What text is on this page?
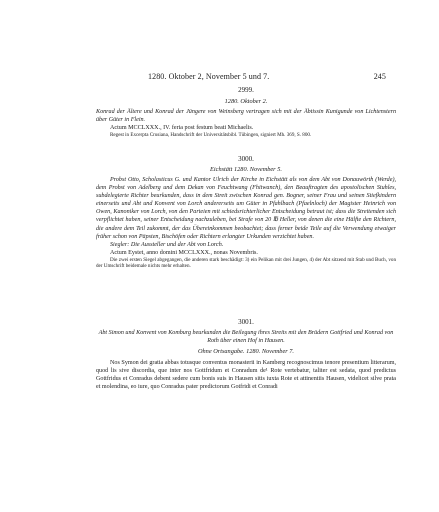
1280. Oktober 2, November 5 und 7.	245
2999.
1280. Oktober 2.

Konrad der Ältere und Konrad der Jüngere von Weinsberg vertragen sich mit der Äbtissin Kunigunde von Lichtenstern über Güter in Flein.

Actum MCCLXXX., IV. feria post festum beati Michaelis.

Regest in Excerpta Crusiana, Handschrift der Universitätsbibl. Tübingen, signiert Mh. 369, S. 800.

3000.
Eichstätt 1280. November 5.

Probst Otto, Scholasticus G. und Kantor Ulrich der Kirche in Eichstätt als von dem Abt von Donauwörth (Werde), dem Probst von Adelberg und dem Dekan von Feuchtwang (Fhitwanch), den Beauftragten des apostolischen Stuhles, subdelegierte Richter beurkunden, dass in dem Streit zwischen Konrad gen. Bogner, seiner Frau und seinen Stiefkindern einerseits und Abt und Konvent von Lorch andererseits um Güter in Pfahlbach (Pfaelnloch) der Magister Heinrich von Owen, Kanoniker von Lorch, von den Parteien mit schiedsrichterlicher Entscheidung betraut ist; dass die Streitenden sich verpflichtet haben, seiner Entscheidung nachzuleben, bei Strafe von 20 ℔ Heller, von denen die eine Hälfte den Richtern, die andere dem Teil zukommt, der das Übereinkommen beobachtet; dass ferner beide Teile auf die Verwendung etwaiger früher schon von Päpsten, Bischöfen oder Richtern erlangter Urkunden verzichtet haben.

Siegler: Die Aussteller und der Abt von Lorch.

Actum Eystet, anno domini MCCLXXX., nonas Novembris.

Die zwei ersten Siegel abgegangen, die anderen stark beschädigt: 3) ein Pelikan mit drei Jungen, 4) der Abt sitzend mit Stab und Buch, von der Umschrift beidemale nichts mehr erhalten.

3001.

Abt Simon und Konvent von Komburg beurkunden die Beilegung ihres Streits mit den Brüdern Gottfried und Konrad von Roth über einen Hof in Hausen.

Ohne Ortsangabe. 1280. November 7.

Nos Symon dei gratia abbas totusque conventus monasterii in Kamberg recognoscimus tenore presentium litterarum, quod lis sive discordia, que inter nos Gottfridum et Conradum de¹ Rote vertebatur, taliter est sedata, quod predictus Gottfridus et Conradus debent sedere cum bonis suis in Hausen sitis iuxta Rote et attinentiis Hausen, videlicet silve prata et molendina, eo iure, quo Conradus pater predictorum Gotfridi et Conradi
